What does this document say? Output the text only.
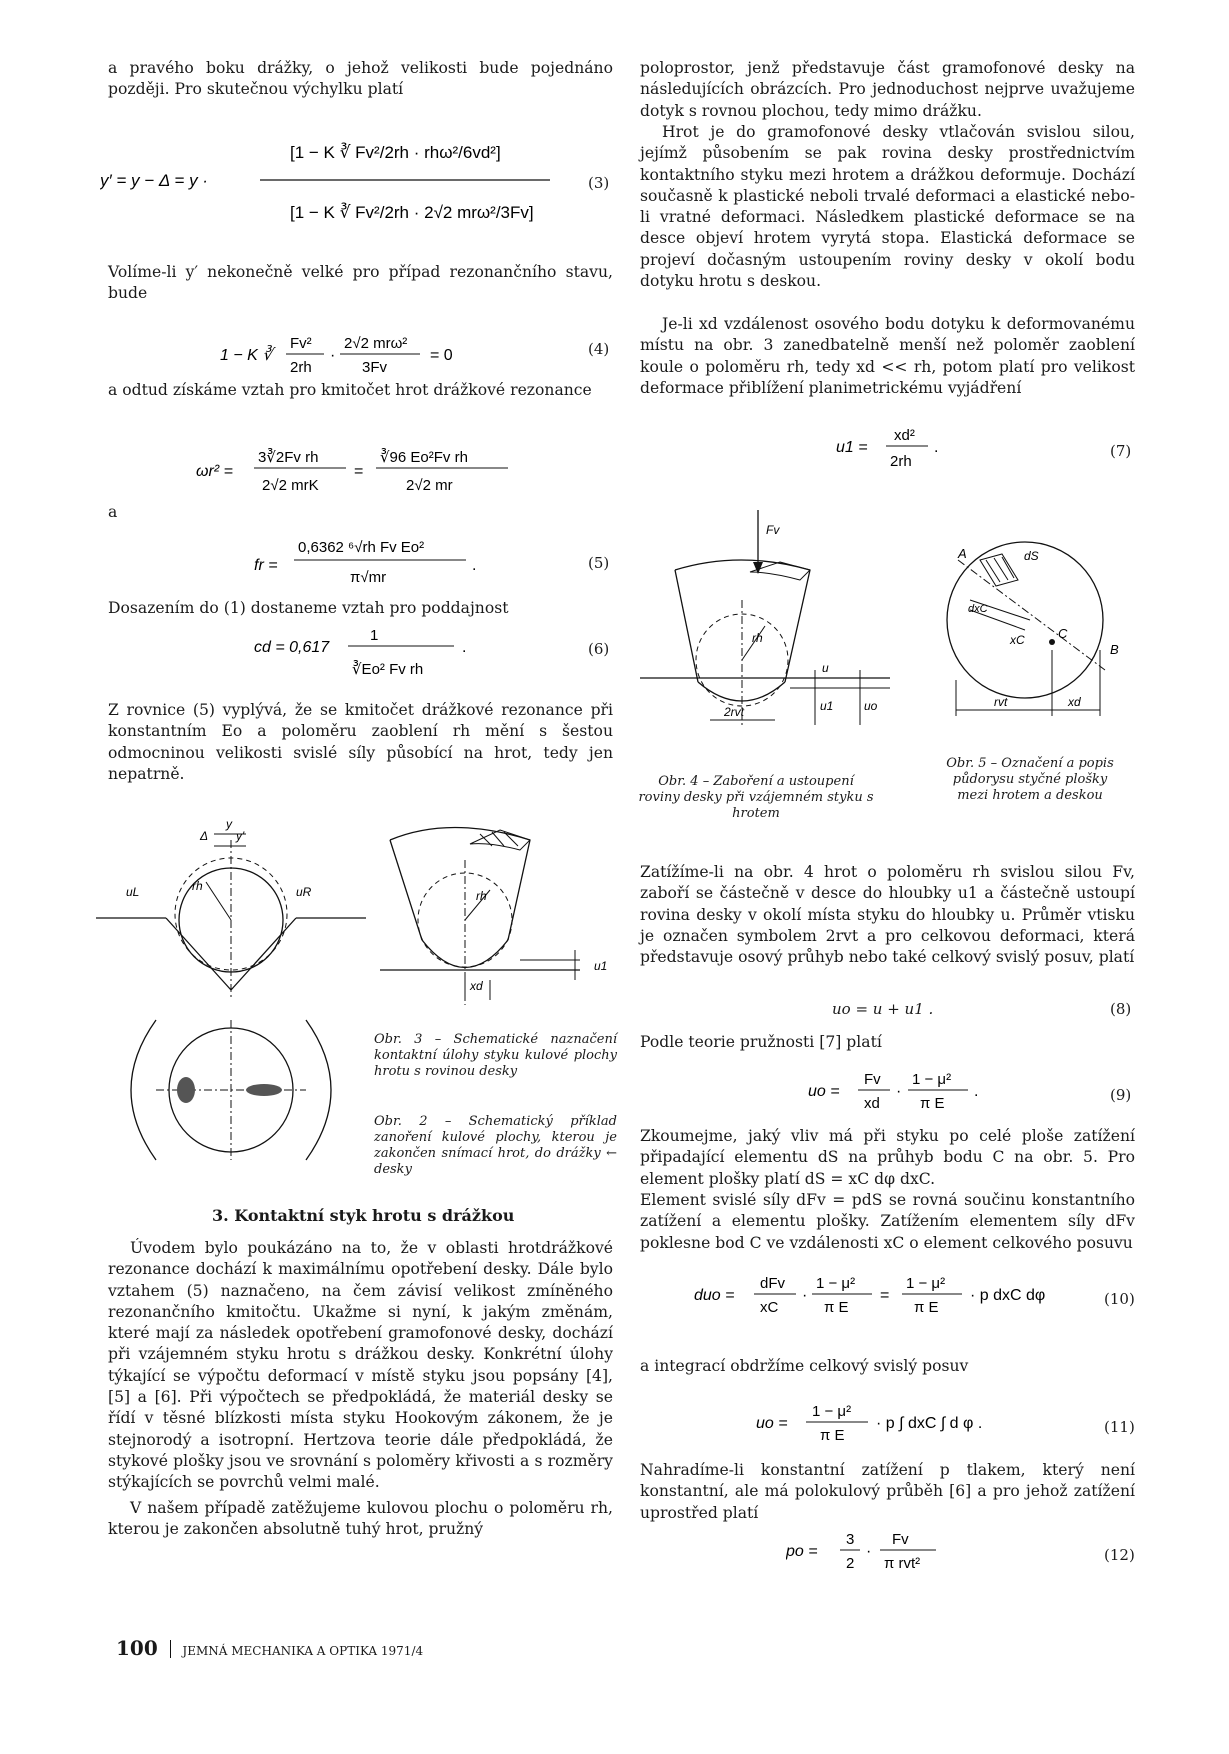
a pravého boku drážky, o jehož velikosti bude pojednáno později. Pro skutečnou výchylku platí
y′ = y − Δ = y ·
[1 − K ∛ Fv²/2rh · rhω²/6vd²]
[1 − K ∛ Fv²/2rh · 2√2 mrω²/3Fv]
(3)
Volíme-li y′ nekonečně velké pro případ rezonančního stavu, bude
1 − K ∛
Fv²
2rh
·
2√2 mrω²
3Fv
= 0	(4)
a odtud získáme vztah pro kmitočet hrot drážkové rezonance
ωr² =
3∛2Fv rh
2√2 mrK
=
∛96 Eo²Fv rh
2√2 mr
a
fr =
0,6362 ⁶√rh Fv Eo²
π√mr
.	(5)
Dosazením do (1) dostaneme vztah pro poddajnost
cd = 0,617
1
∛Eo² Fv rh
.	(6)
Z rovnice (5) vyplývá, že se kmitočet drážkové rezonance při konstantním Eo a poloměru zaoblení rh mění s šestou odmocninou velikosti svislé síly působící na hrot, tedy jen nepatrně.
rh
uL	uR
Δ
y
y′
rh
u1
xd
Obr. 3 – Schematické naznačení kontaktní úlohy styku kulové plochy hrotu s rovinou desky
Obr. 2 – Schematický příklad zanoření kulové plochy, kterou je zakončen snímací hrot, do drážky ← desky
3. Kontaktní styk hrotu s drážkou
Úvodem bylo poukázáno na to, že v oblasti hrotdrážkové rezonance dochází k maximálnímu opotřebení desky. Dále bylo vztahem (5) naznačeno, na čem závisí velikost zmíněného rezonančního kmitočtu. Ukažme si nyní, k jakým změnám, které mají za následek opotřebení gramofonové desky, dochází při vzájemném styku hrotu s drážkou desky. Konkrétní úlohy týkající se výpočtu deformací v místě styku jsou popsány [4], [5] a [6]. Při výpočtech se předpokládá, že materiál desky se řídí v těsné blízkosti místa styku Hookovým zákonem, že je stejnorodý a isotropní. Hertzova teorie dále předpokládá, že stykové plošky jsou ve srovnání s poloměry křivosti a s rozměry stýkajících se povrchů velmi malé.
V našem případě zatěžujeme kulovou plochu o poloměru rh, kterou je zakončen absolutně tuhý hrot, pružný
poloprostor, jenž představuje část gramofonové desky na následujících obrázcích. Pro jednoduchost nejprve uvažujeme dotyk s rovnou plochou, tedy mimo drážku.
Hrot je do gramofonové desky vtlačován svislou silou, jejímž působením se pak rovina desky prostřednictvím kontaktního styku mezi hrotem a drážkou deformuje. Dochází současně k plastické neboli trvalé deformaci a elastické nebo-li vratné deformaci. Následkem plastické deformace se na desce objeví hrotem vyrytá stopa. Elastická deformace se projeví dočasným ustoupením roviny desky v okolí bodu dotyku hrotu s deskou.
Je-li xd vzdálenost osového bodu dotyku k deformovanému místu na obr. 3 zanedbatelně menší než poloměr zaoblení koule o poloměru rh, tedy xd << rh, potom platí pro velikost deformace přiblížení planimetrickému vyjádření
u1 =
xd²
2rh
.	(7)
Fv
rh
u
u1	uo
2rvt
Obr. 4 – Zaboření a ustoupení roviny desky při vzájemném styku s hrotem
A
B
C
dS
dxC
xC
rvt	xd
Obr. 5 – Označení a popis půdorysu styčné plošky mezi hrotem a deskou
Zatížíme-li na obr. 4 hrot o poloměru rh svislou silou Fv, zaboří se částečně v desce do hloubky u1 a částečně ustoupí rovina desky v okolí místa styku do hloubky u. Průměr vtisku je označen symbolem 2rvt a pro celkovou deformaci, která představuje osový průhyb nebo také celkový svislý posuv, platí
uo = u + u1 .	(8)
Podle teorie pružnosti [7] platí
uo =
Fv
xd
·
1 − μ²
π E
.	(9)
Zkoumejme, jaký vliv má při styku po celé ploše zatížení připadající elementu dS na průhyb bodu C na obr. 5. Pro element plošky platí dS = xC dφ dxC.
Element svislé síly dFv = pdS se rovná součinu konstantního zatížení a elementu plošky. Zatížením elementem síly dFv poklesne bod C ve vzdálenosti xC o element celkového posuvu
duo =
dFv
xC
·
1 − μ²
π E
=
1 − μ²
π E
· p dxC dφ	(10)
a integrací obdržíme celkový svislý posuv
uo =
1 − μ²
π E
· p ∫ dxC ∫ d φ .	(11)
Nahradíme-li konstantní zatížení p tlakem, který není konstantní, ale má polokulový průběh [6] a pro jehož zatížení uprostřed platí
po =
3
2
·
Fv
π rvt²	(12)
100 JEMNÁ MECHANIKA A OPTIKA 1971/4
